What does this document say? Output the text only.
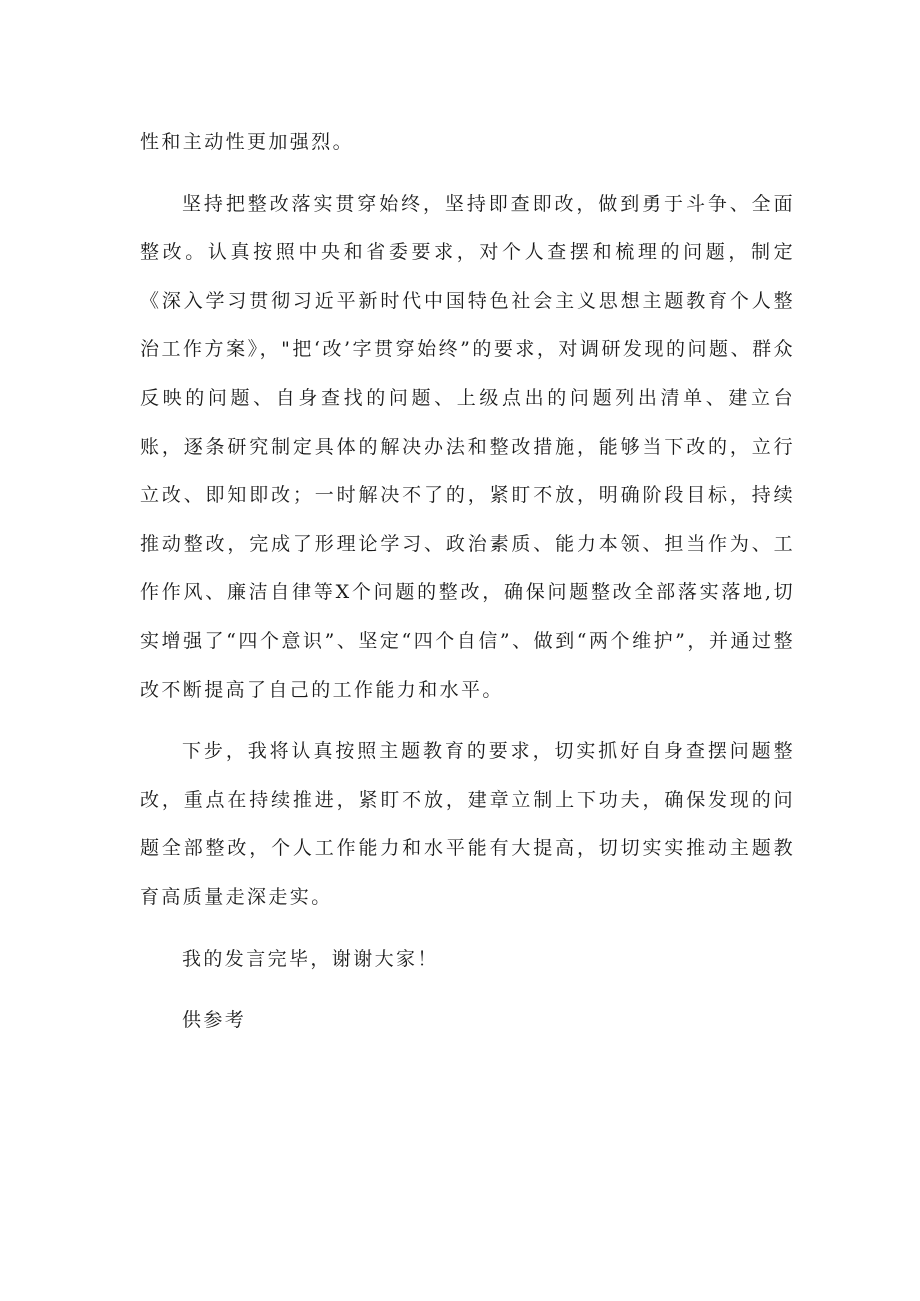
性和主动性更加强烈。

坚持把整改落实贯穿始终，坚持即查即改，做到勇于斗争、全面整改。认真按照中央和省委要求，对个人查摆和梳理的问题，制定《深入学习贯彻习近平新时代中国特色社会主义思想主题教育个人整治工作方案》，"把‘改’字贯穿始终”的要求，对调研发现的问题、群众反映的问题、自身查找的问题、上级点出的问题列出清单、建立台账，逐条研究制定具体的解决办法和整改措施，能够当下改的，立行立改、即知即改；一时解决不了的，紧盯不放，明确阶段目标，持续推动整改，完成了形理论学习、政治素质、能力本领、担当作为、工作作风、廉洁自律等X个问题的整改，确保问题整改全部落实落地,切实增强了“四个意识”、坚定“四个自信”、做到“两个维护”，并通过整改不断提高了自己的工作能力和水平。

下步，我将认真按照主题教育的要求，切实抓好自身查摆问题整改，重点在持续推进，紧盯不放，建章立制上下功夫，确保发现的问题全部整改，个人工作能力和水平能有大提高，切切实实推动主题教育高质量走深走实。

我的发言完毕，谢谢大家！

供参考
